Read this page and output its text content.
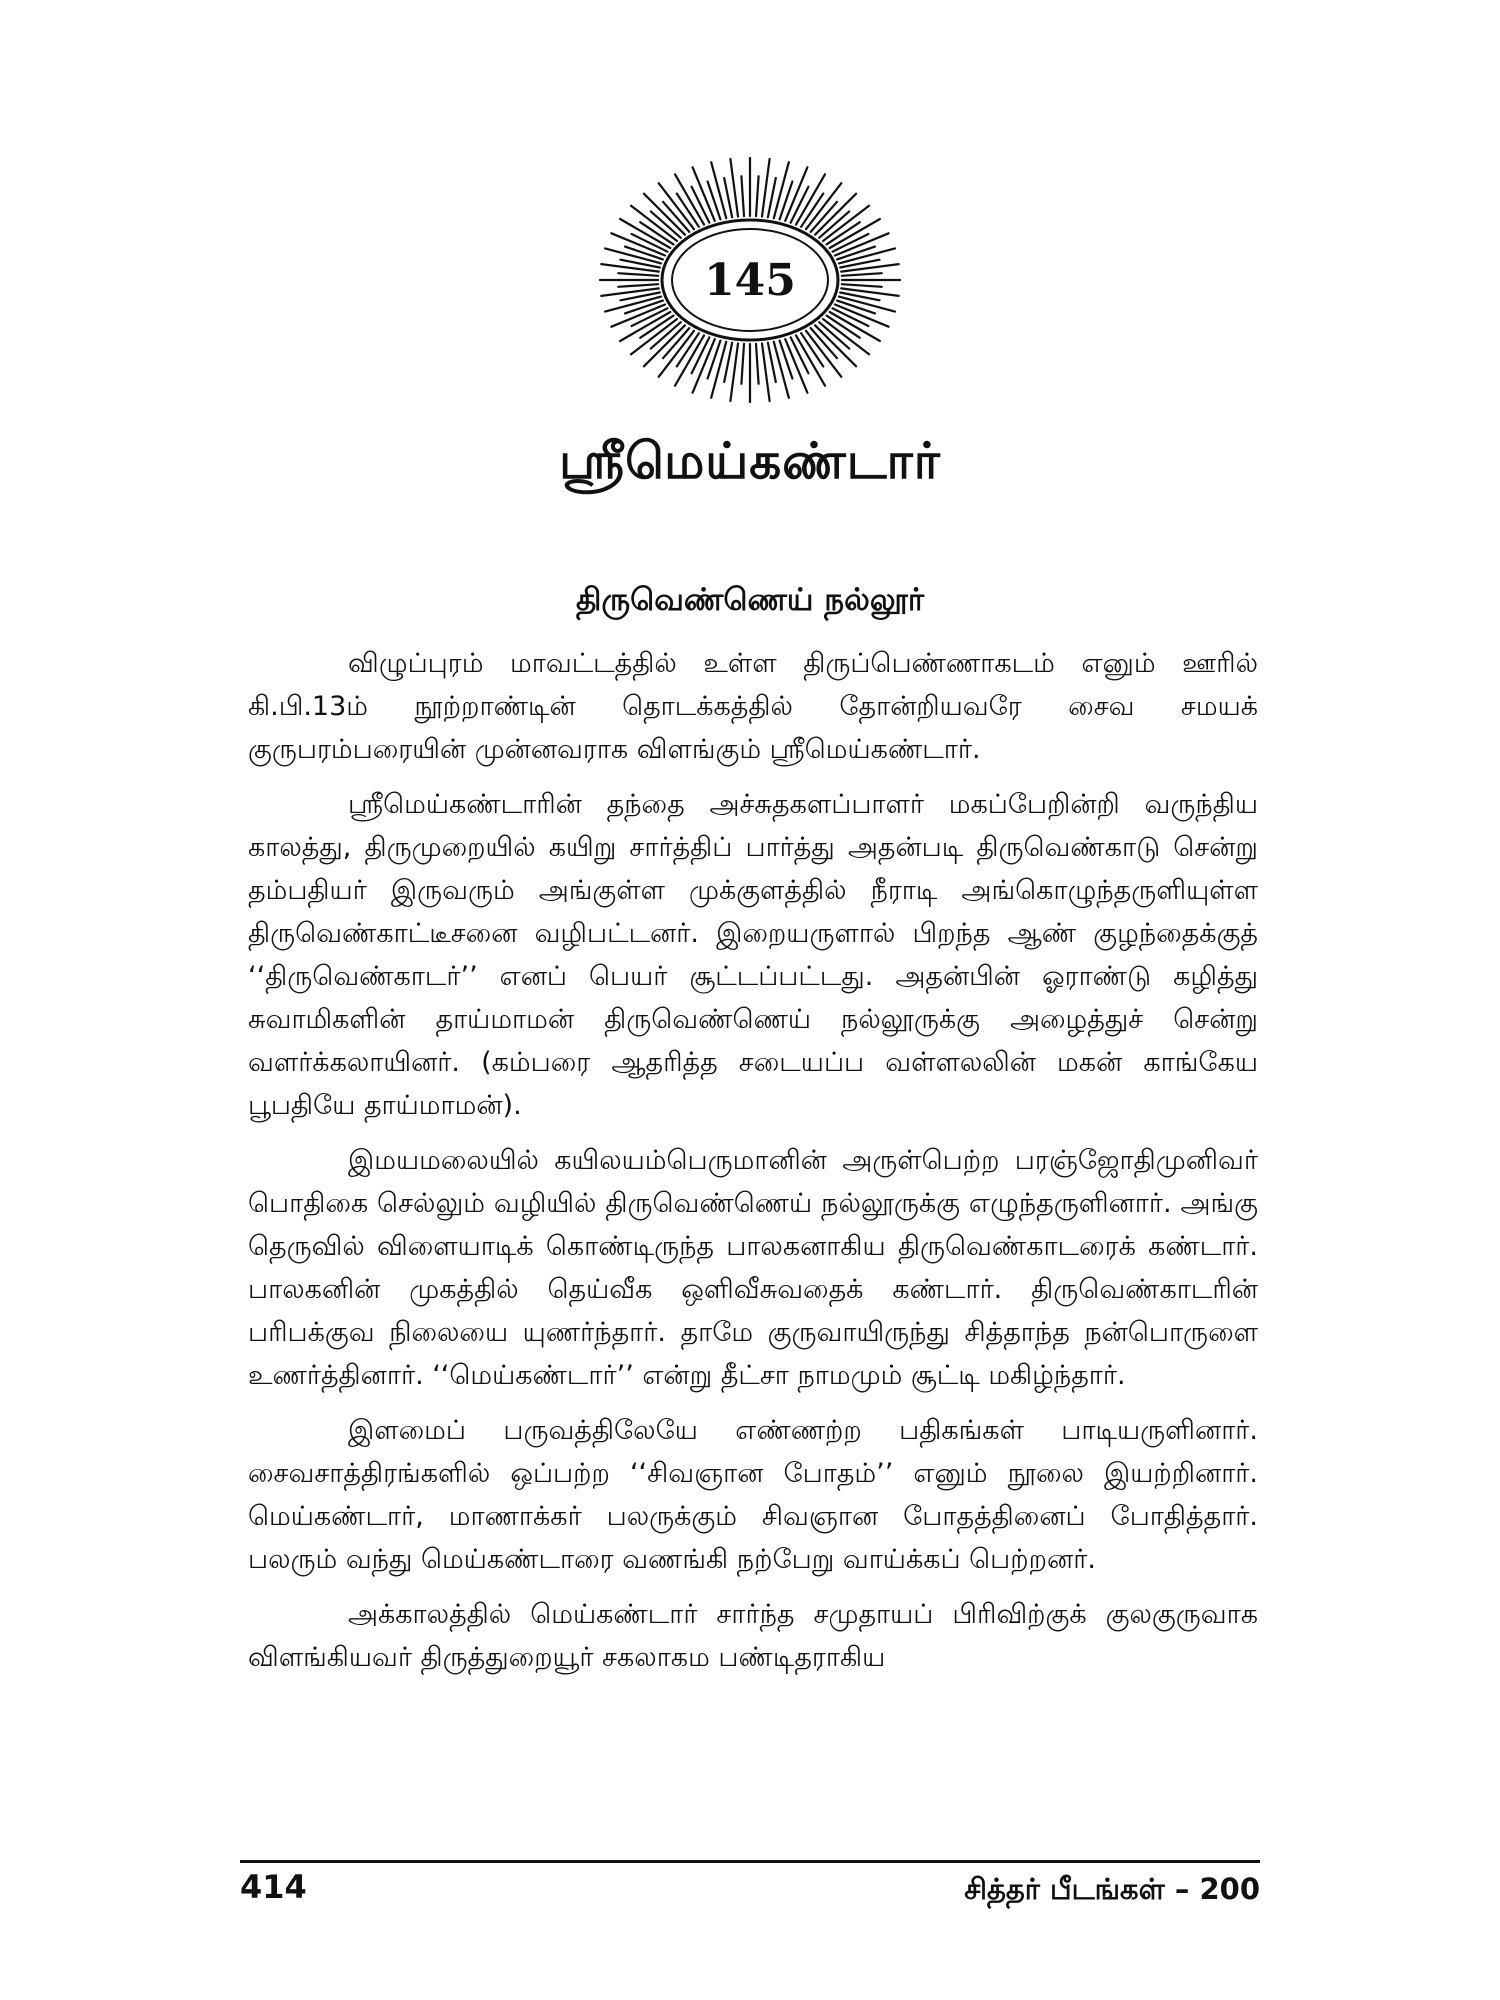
145
ஸ்ரீமெய்கண்டார்
திருவெண்ணெய் நல்லூர்

விழுப்புரம் மாவட்டத்தில் உள்ள திருப்பெண்ணாகடம் எனும் ஊரில் கி.பி.13ம் நூற்றாண்டின் தொடக்கத்தில் தோன்றியவரே சைவ சமயக் குருபரம்பரையின் முன்னவராக விளங்கும் ஸ்ரீமெய்கண்டார்.

ஸ்ரீமெய்கண்டாரின் தந்தை அச்சுதகளப்பாளர் மகப்பேறின்றி வருந்திய காலத்து, திருமுறையில் கயிறு சார்த்திப் பார்த்து அதன்படி திருவெண்காடு சென்று தம்பதியர் இருவரும் அங்குள்ள முக்குளத்தில் நீராடி அங்கொழுந்தருளியுள்ள திருவெண்காட்டீசனை வழிபட்டனர். இறையருளால் பிறந்த ஆண் குழந்தைக்குத் ‘‘திருவெண்காடர்’’ எனப் பெயர் சூட்டப்பட்டது. அதன்பின் ஓராண்டு கழித்து சுவாமிகளின் தாய்மாமன் திருவெண்ணெய் நல்லூருக்கு அழைத்துச் சென்று வளர்க்கலாயினர். (கம்பரை ஆதரித்த சடையப்ப வள்ளலலின் மகன் காங்கேய பூபதியே தாய்மாமன்).

இமயமலையில் கயிலயம்பெருமானின் அருள்பெற்ற பரஞ்ஜோதிமுனிவர் பொதிகை செல்லும் வழியில் திருவெண்ணெய் நல்லூருக்கு எழுந்தருளினார். அங்கு தெருவில் விளையாடிக் கொண்டிருந்த பாலகனாகிய திருவெண்காடரைக் கண்டார். பாலகனின் முகத்தில் தெய்வீக ஒளிவீசுவதைக் கண்டார். திருவெண்காடரின் பரிபக்குவ நிலையை யுணர்ந்தார். தாமே குருவாயிருந்து சித்தாந்த நன்பொருளை உணர்த்தினார். ‘‘மெய்கண்டார்’’ என்று தீட்சா நாமமும் சூட்டி மகிழ்ந்தார்.

இளமைப் பருவத்திலேயே எண்ணற்ற பதிகங்கள் பாடியருளினார். சைவசாத்திரங்களில் ஒப்பற்ற ‘‘சிவஞான போதம்’’ எனும் நூலை இயற்றினார். மெய்கண்டார், மாணாக்கர் பலருக்கும் சிவஞான போதத்தினைப் போதித்தார். பலரும் வந்து மெய்கண்டாரை வணங்கி நற்பேறு வாய்க்கப் பெற்றனர்.

அக்காலத்தில் மெய்கண்டார் சார்ந்த சமுதாயப் பிரிவிற்குக் குலகுருவாக விளங்கியவர் திருத்துறையூர் சகலாகம பண்டிதராகிய

414	சித்தர் பீடங்கள் – 200
